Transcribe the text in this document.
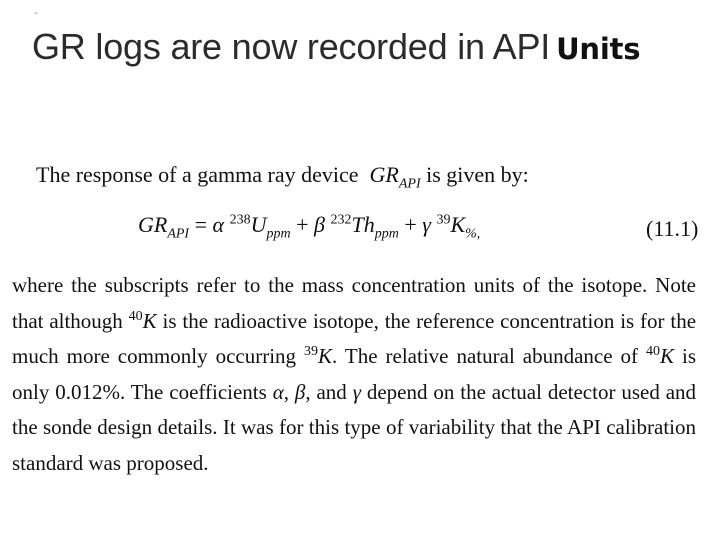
-
GR logs are now recorded in API Units
The response of a gamma ray device $GR_{API}$ is given by:
$GR_{API} = \alpha$ $^{238}U_{ppm} + \beta$ $^{232}Th_{ppm} + \gamma$ $^{39}K_{\%,}$	(11.1)
where the subscripts refer to the mass concentration units of the isotope. Note that although $^{40}$K is the radioactive isotope, the reference concentration is for the much more commonly occurring $^{39}$K. The relative natural abundance of $^{40}$K is only 0.012%. The coefficients α, β, and γ depend on the actual detector used and the sonde design details. It was for this type of variability that the API calibration standard was proposed.
